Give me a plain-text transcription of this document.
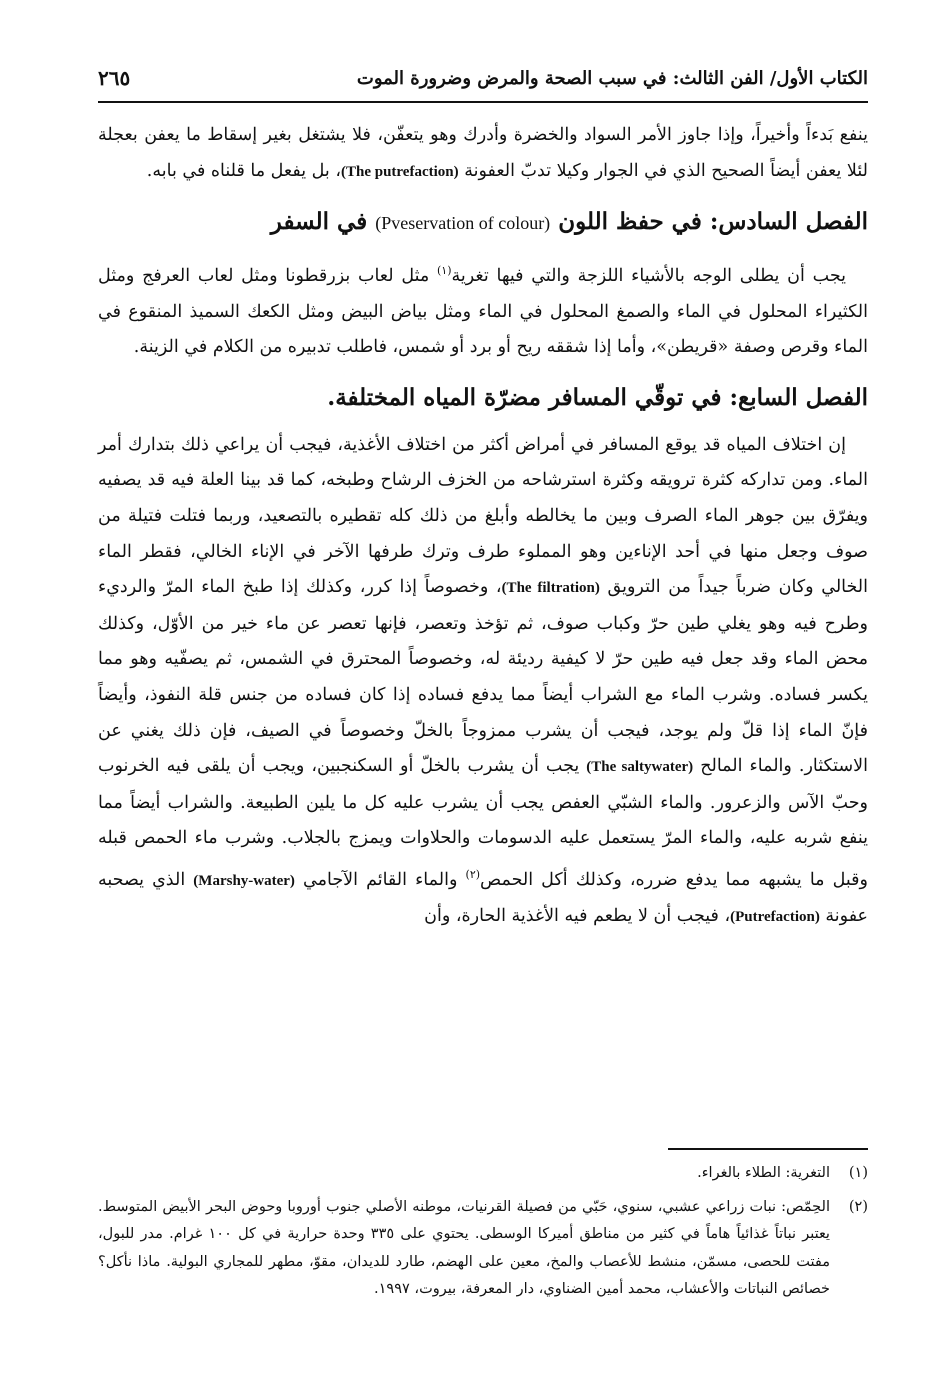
الكتاب الأول/ الفن الثالث: في سبب الصحة والمرض وضرورة الموت
٢٦٥

ينفع بَدءاً وأخيراً، وإذا جاوز الأمر السواد والخضرة وأدرك وهو يتعفّن، فلا يشتغل بغير إسقاط ما يعفن بعجلة لئلا يعفن أيضاً الصحيح الذي في الجوار وكيلا تدبّ العفونة (The putrefaction)، بل يفعل ما قلناه في بابه.

الفصل السادس: في حفظ اللون (Pveservation of colour) في السفر

يجب أن يطلى الوجه بالأشياء اللزجة والتي فيها تغرية$^{(١)}$ مثل لعاب بزرقطونا ومثل لعاب العرفج ومثل الكثيراء المحلول في الماء والصمغ المحلول في الماء ومثل بياض البيض ومثل الكعك السميذ المنقوع في الماء وقرص وصفة «قريطن»، وأما إذا شققه ريح أو برد أو شمس، فاطلب تدبيره من الكلام في الزينة.

الفصل السابع: في توقّي المسافر مضرّة المياه المختلفة.

إن اختلاف المياه قد يوقع المسافر في أمراض أكثر من اختلاف الأغذية، فيجب أن يراعي ذلك بتدارك أمر الماء. ومن تداركه كثرة ترويقه وكثرة استرشاحه من الخزف الرشاح وطبخه، كما قد بينا العلة فيه قد يصفيه ويفرّق بين جوهر الماء الصرف وبين ما يخالطه وأبلغ من ذلك كله تقطيره بالتصعيد، وربما فتلت فتيلة من صوف وجعل منها في أحد الإناءين وهو المملوء طرف وترك طرفها الآخر في الإناء الخالي، فقطر الماء الخالي وكان ضرباً جيداً من الترويق (The filtration)، وخصوصاً إذا كرر، وكذلك إذا طبخ الماء المرّ والرديء وطرح فيه وهو يغلي طين حرّ وكباب صوف، ثم تؤخذ وتعصر، فإنها تعصر عن ماء خير من الأوّل، وكذلك محض الماء وقد جعل فيه طين حرّ لا كيفية رديئة له، وخصوصاً المحترق في الشمس، ثم يصفّيه وهو مما يكسر فساده. وشرب الماء مع الشراب أيضاً مما يدفع فساده إذا كان فساده من جنس قلة النفوذ، وأيضاً فإنّ الماء إذا قلّ ولم يوجد، فيجب أن يشرب ممزوجاً بالخلّ وخصوصاً في الصيف، فإن ذلك يغني عن الاستكثار. والماء المالح (The saltywater) يجب أن يشرب بالخلّ أو السكنجبين، ويجب أن يلقى فيه الخرنوب وحبّ الآس والزعرور. والماء الشبّي العفص يجب أن يشرب عليه كل ما يلين الطبيعة. والشراب أيضاً مما ينفع شربه عليه، والماء المرّ يستعمل عليه الدسومات والحلاوات ويمزج بالجلاب. وشرب ماء الحمص قبله وقبل ما يشبهه مما يدفع ضرره، وكذلك أكل الحمص$^{(٢)}$ والماء القائم الآجامي (Marshy-water) الذي يصحبه عفونة (Putrefaction)، فيجب أن لا يطعم فيه الأغذية الحارة، وأن

(١)
التغرية: الطلاء بالغراء.
(٢)
الحِمّص: نبات زراعي عشبي، سنوي، حَبّي من فصيلة القرنيات، موطنه الأصلي جنوب أوروبا وحوض البحر الأبيض المتوسط. يعتبر نباتاً غذائياً هاماً في كثير من مناطق أميركا الوسطى. يحتوي على ٣٣٥ وحدة حرارية في كل ١٠٠ غرام. مدر للبول، مفتت للحصى، مسمّن، منشط للأعصاب والمخ، معين على الهضم، طارد للديدان، مقوّ، مطهر للمجاري البولية. ماذا نأكل؟ خصائص النباتات والأعشاب، محمد أمين الضناوي، دار المعرفة، بيروت، ١٩٩٧.
